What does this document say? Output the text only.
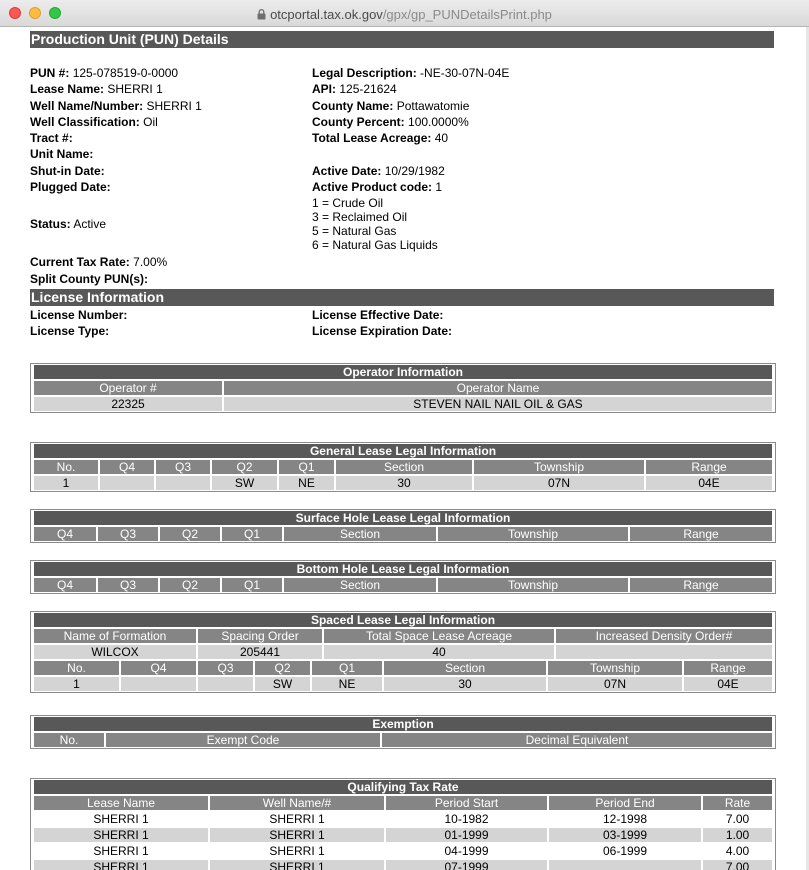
otcportal.tax.ok.gov/gpx/gp_PUNDetailsPrint.php
Production Unit (PUN) Details
PUN #: 125-078519-0-0000
Lease Name: SHERRI 1
Well Name/Number: SHERRI 1
Well Classification: Oil
Tract #:
Unit Name:
Shut-in Date:
Plugged Date:
Legal Description: -NE-30-07N-04E
API: 125-21624
County Name: Pottawatomie
County Percent: 100.0000%
Total Lease Acreage: 40

Active Date: 10/29/1982
Active Product code: 1
Status: Active
1 = Crude Oil
3 = Reclaimed Oil
5 = Natural Gas
6 = Natural Gas Liquids
Current Tax Rate: 7.00%
Split County PUN(s):
License Information
License Number:
License Type:
License Effective Date:
License Expiration Date:
Operator Information	
Operator #	Operator Name
22325	STEVEN NAIL NAIL OIL & GAS
General Lease Legal Information							
No.	Q4	Q3	Q2	Q1	Section	Township	Range
1			SW	NE	30	07N	04E
Surface Hole Lease Legal Information
Q4	Q3	Q2	Q1	Section	Township	Range
Bottom Hole Lease Legal Information
Q4	Q3	Q2	Q1	Section	Township	Range
Spaced Lease Legal Information			
Name of Formation	Spacing Order	Total Space Lease Acreage	Increased Density Order#
WILCOX	205441	40	
No.	Q4	Q3	Q2	Q1	Section	Township	Range
1			SW	NE	30	07N	04E
Exemption
No.	Exempt Code	Decimal Equivalent
Qualifying Tax Rate				
Lease Name	Well Name/#	Period Start	Period End	Rate
SHERRI 1	SHERRI 1	10-1982	12-1998	7.00
SHERRI 1	SHERRI 1	01-1999	03-1999	1.00
SHERRI 1	SHERRI 1	04-1999	06-1999	4.00
SHERRI 1	SHERRI 1	07-1999		7.00
